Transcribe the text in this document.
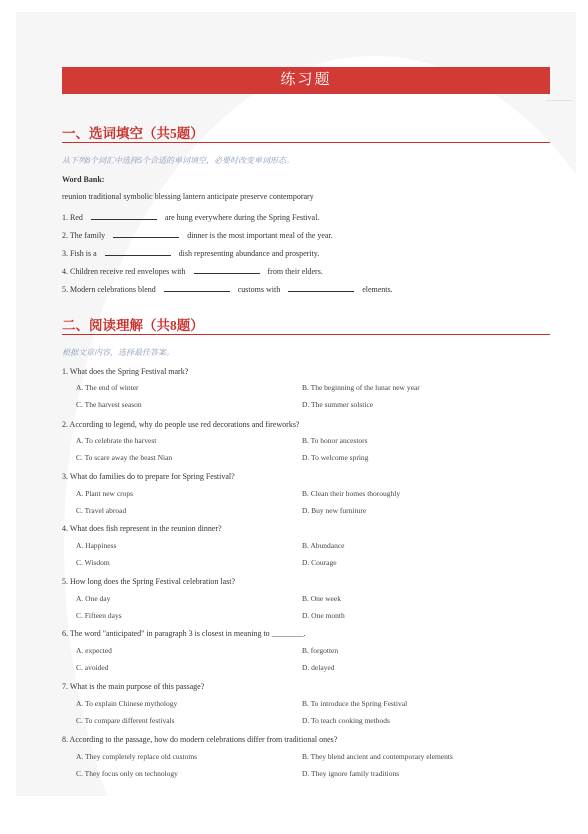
练习题
一、选词填空（共5题）
从下列8个词汇中选择5个合适的单词填空，必要时改变单词形态。
Word Bank:
reunion traditional symbolic blessing lantern anticipate preserve contemporary
1. Red	are hung everywhere during the Spring Festival.
2. The family	dinner is the most important meal of the year.
3. Fish is a	dish representing abundance and prosperity.
4. Children receive red envelopes with	from their elders.
5. Modern celebrations blend	customs with	elements.
二、阅读理解（共8题）
根据文章内容，选择最佳答案。
1. What does the Spring Festival mark?
A. The end of winter	B. The beginning of the lunar new year
C. The harvest season	D. The summer solstice
2. According to legend, why do people use red decorations and fireworks?
A. To celebrate the harvest	B. To honor ancestors
C. To scare away the beast Nian	D. To welcome spring
3. What do families do to prepare for Spring Festival?
A. Plant new crops	B. Clean their homes thoroughly
C. Travel abroad	D. Buy new furniture
4. What does fish represent in the reunion dinner?
A. Happiness	B. Abundance
C. Wisdom	D. Courage
5. How long does the Spring Festival celebration last?
A. One day	B. One week
C. Fifteen days	D. One month
6. The word "anticipated" in paragraph 3 is closest in meaning to ________.
A. expected	B. forgotten
C. avoided	D. delayed
7. What is the main purpose of this passage?
A. To explain Chinese mythology	B. To introduce the Spring Festival
C. To compare different festivals	D. To teach cooking methods
8. According to the passage, how do modern celebrations differ from traditional ones?
A. They completely replace old customs	B. They blend ancient and contemporary elements
C. They focus only on technology	D. They ignore family traditions
